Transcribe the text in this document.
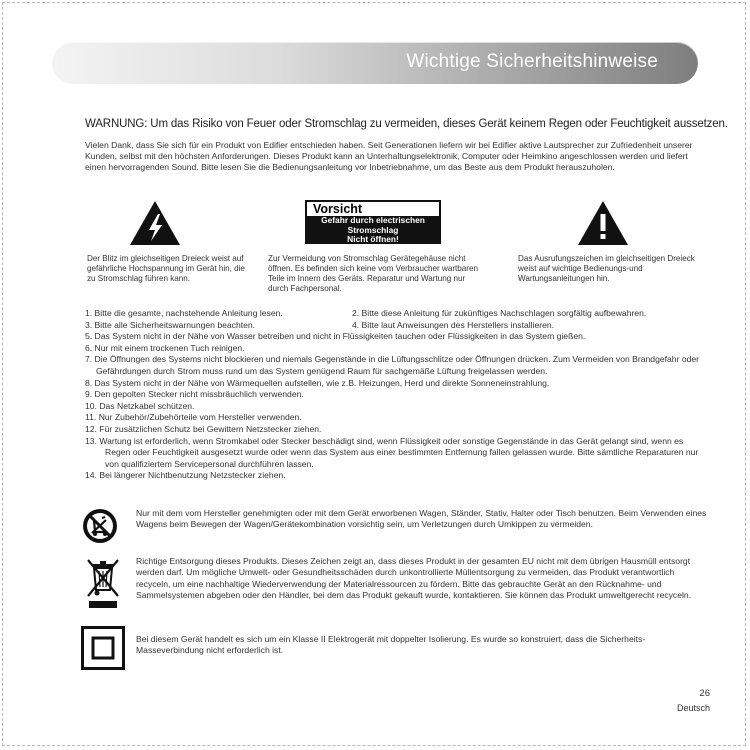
Wichtige Sicherheitshinweise

WARNUNG: Um das Risiko von Feuer oder Stromschlag zu vermeiden, dieses Gerät keinem Regen oder Feuchtigkeit aussetzen.

Vielen Dank, dass Sie sich für ein Produkt von Edifier entschieden haben. Seit Generationen liefern wir bei Edifier aktive Lautsprecher zur Zufriedenheit unserer Kunden, selbst mit den höchsten Anforderungen. Dieses Produkt kann an Unterhaltungselektronik, Computer oder Heimkino angeschlossen werden und liefert einen hervorragenden Sound. Bitte lesen Sie die Bedienungsanleitung vor Inbetriebnahme, um das Beste aus dem Produkt herauszuholen.

Der Blitz im gleichseitigen Dreieck weist auf gefährliche Hochspannung im Gerät hin, die zu Stromschlag führen kann.
Vorsicht
Gefahr durch electrischen
Stromschlag
Nicht öffnen!
Zur Vermeidung von Stromschlag Gerätegehäuse nicht öffnen. Es befinden sich keine vom Verbraucher wartbaren Teile im Innern des Geräts. Reparatur und Wartung nur durch Fachpersonal.
Das Ausrufungszeichen im gleichseitigen Dreieck weist auf wichtige Bedienungs-und Wartungsanleitungen hin.
1. Bitte die gesamte, nachstehende Anleitung lesen.	2. Bitte diese Anleitung für zukünftiges Nachschlagen sorgfältig aufbewahren.
3. Bitte alle Sicherheitswarnungen beachten.	4. Bitte laut Anweisungen des Herstellers installieren.
5. Das System nicht in der Nähe von Wasser betreiben und nicht in Flüssigkeiten tauchen oder Flüssigkeiten in das System gießen.
6. Nur mit einem trockenen Tuch reinigen.
7. Die Öffnungen des Systems nicht blockieren und niemals Gegenstände in die Lüftungsschlitze oder Öffnungen drücken. Zum Vermeiden von Brandgefahr oder Gefährdungen durch Strom muss rund um das System genügend Raum für sachgemäße Lüftung freigelassen werden.
8. Das System nicht in der Nähe von Wärmequellen aufstellen, wie z.B. Heizungen, Herd und direkte Sonneneinstrahlung.
9. Den gepolten Stecker nicht missbräuchlich verwenden.
10. Das Netzkabel schützen.
11. Nur Zubehör/Zubehörteile vom Hersteller verwenden.
12. Für zusätzlichen Schutz bei Gewittern Netzstecker ziehen.
13. Wartung ist erforderlich, wenn Stromkabel oder Stecker beschädigt sind, wenn Flüssigkeit oder sonstige Gegenstände in das Gerät gelangt sind, wenn es Regen oder Feuchtigkeit ausgesetzt wurde oder wenn das System aus einer bestimmten Entfernung fallen gelassen wurde. Bitte sämtliche Reparaturen nur von qualifiziertem Servicepersonal durchführen lassen.
14. Bei längerer Nichtbenutzung Netzstecker ziehen.
Nur mit dem vom Hersteller genehmigten oder mit dem Gerät erworbenen Wagen, Ständer, Stativ, Halter oder Tisch benutzen. Beim Verwenden eines Wagens beim Bewegen der Wagen/Gerätekombination vorsichtig sein, um Verletzungen durch Umkippen zu vermeiden.
Richtige Entsorgung dieses Produkts. Dieses Zeichen zeigt an, dass dieses Produkt in der gesamten EU nicht mit dem übrigen Hausmüll entsorgt werden darf. Um mögliche Umwelt- oder Gesundheitsschäden durch unkontrollierte Müllentsorgung zu vermeiden, das Produkt verantwortlich recyceln, um eine nachhaltige Wiederverwendung der Materialressourcen zu fördern. Bitte das gebrauchte Gerät an den Rücknahme- und Sammelsystemen abgeben oder den Händler, bei dem das Produkt gekauft wurde, kontaktieren. Sie können das Produkt umweltgerecht recyceln.
Bei diesem Gerät handelt es sich um ein Klasse II Elektrogerät mit doppelter Isolierung. Es wurde so konstruiert, dass die Sicherheits-Masseverbindung nicht erforderlich ist.
26
Deutsch
